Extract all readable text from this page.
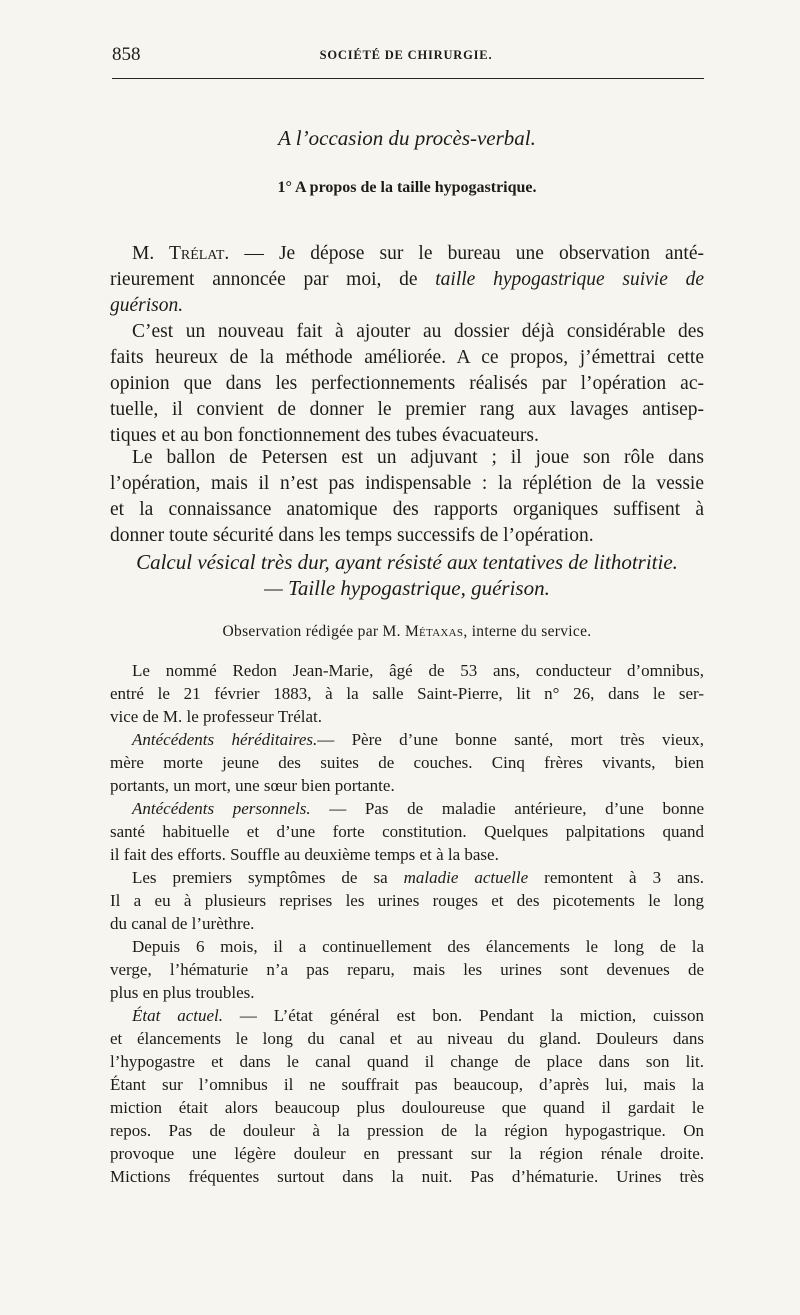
858	SOCIÉTÉ DE CHIRURGIE.
A l’occasion du procès-verbal.
1° A propos de la taille hypogastrique.
M. Trélat. — Je dépose sur le bureau une observation anté-
rieurement annoncée par moi, de taille hypogastrique suivie de
guérison.
C’est un nouveau fait à ajouter au dossier déjà considérable des
faits heureux de la méthode améliorée. A ce propos, j’émettrai cette
opinion que dans les perfectionnements réalisés par l’opération ac-
tuelle, il convient de donner le premier rang aux lavages antisep-
tiques et au bon fonctionnement des tubes évacuateurs.
Le ballon de Petersen est un adjuvant ; il joue son rôle dans
l’opération, mais il n’est pas indispensable : la réplétion de la vessie
et la connaissance anatomique des rapports organiques suffisent à
donner toute sécurité dans les temps successifs de l’opération.
Calcul vésical très dur, ayant résisté aux tentatives de lithotritie.
— Taille hypogastrique, guérison.
Observation rédigée par M. Métaxas, interne du service.
Le nommé Redon Jean-Marie, âgé de 53 ans, conducteur d’omnibus,
entré le 21 février 1883, à la salle Saint-Pierre, lit n° 26, dans le ser-
vice de M. le professeur Trélat.
Antécédents héréditaires.— Père d’une bonne santé, mort très vieux,
mère morte jeune des suites de couches. Cinq frères vivants, bien
portants, un mort, une sœur bien portante.
Antécédents personnels. — Pas de maladie antérieure, d’une bonne
santé habituelle et d’une forte constitution. Quelques palpitations quand
il fait des efforts. Souffle au deuxième temps et à la base.
Les premiers symptômes de sa maladie actuelle remontent à 3 ans.
Il a eu à plusieurs reprises les urines rouges et des picotements le long
du canal de l’urèthre.
Depuis 6 mois, il a continuellement des élancements le long de la
verge, l’hématurie n’a pas reparu, mais les urines sont devenues de
plus en plus troubles.
État actuel. — L’état général est bon. Pendant la miction, cuisson
et élancements le long du canal et au niveau du gland. Douleurs dans
l’hypogastre et dans le canal quand il change de place dans son lit.
Étant sur l’omnibus il ne souffrait pas beaucoup, d’après lui, mais la
miction était alors beaucoup plus douloureuse que quand il gardait le
repos. Pas de douleur à la pression de la région hypogastrique. On
provoque une légère douleur en pressant sur la région rénale droite.
Mictions fréquentes surtout dans la nuit. Pas d’hématurie. Urines très
